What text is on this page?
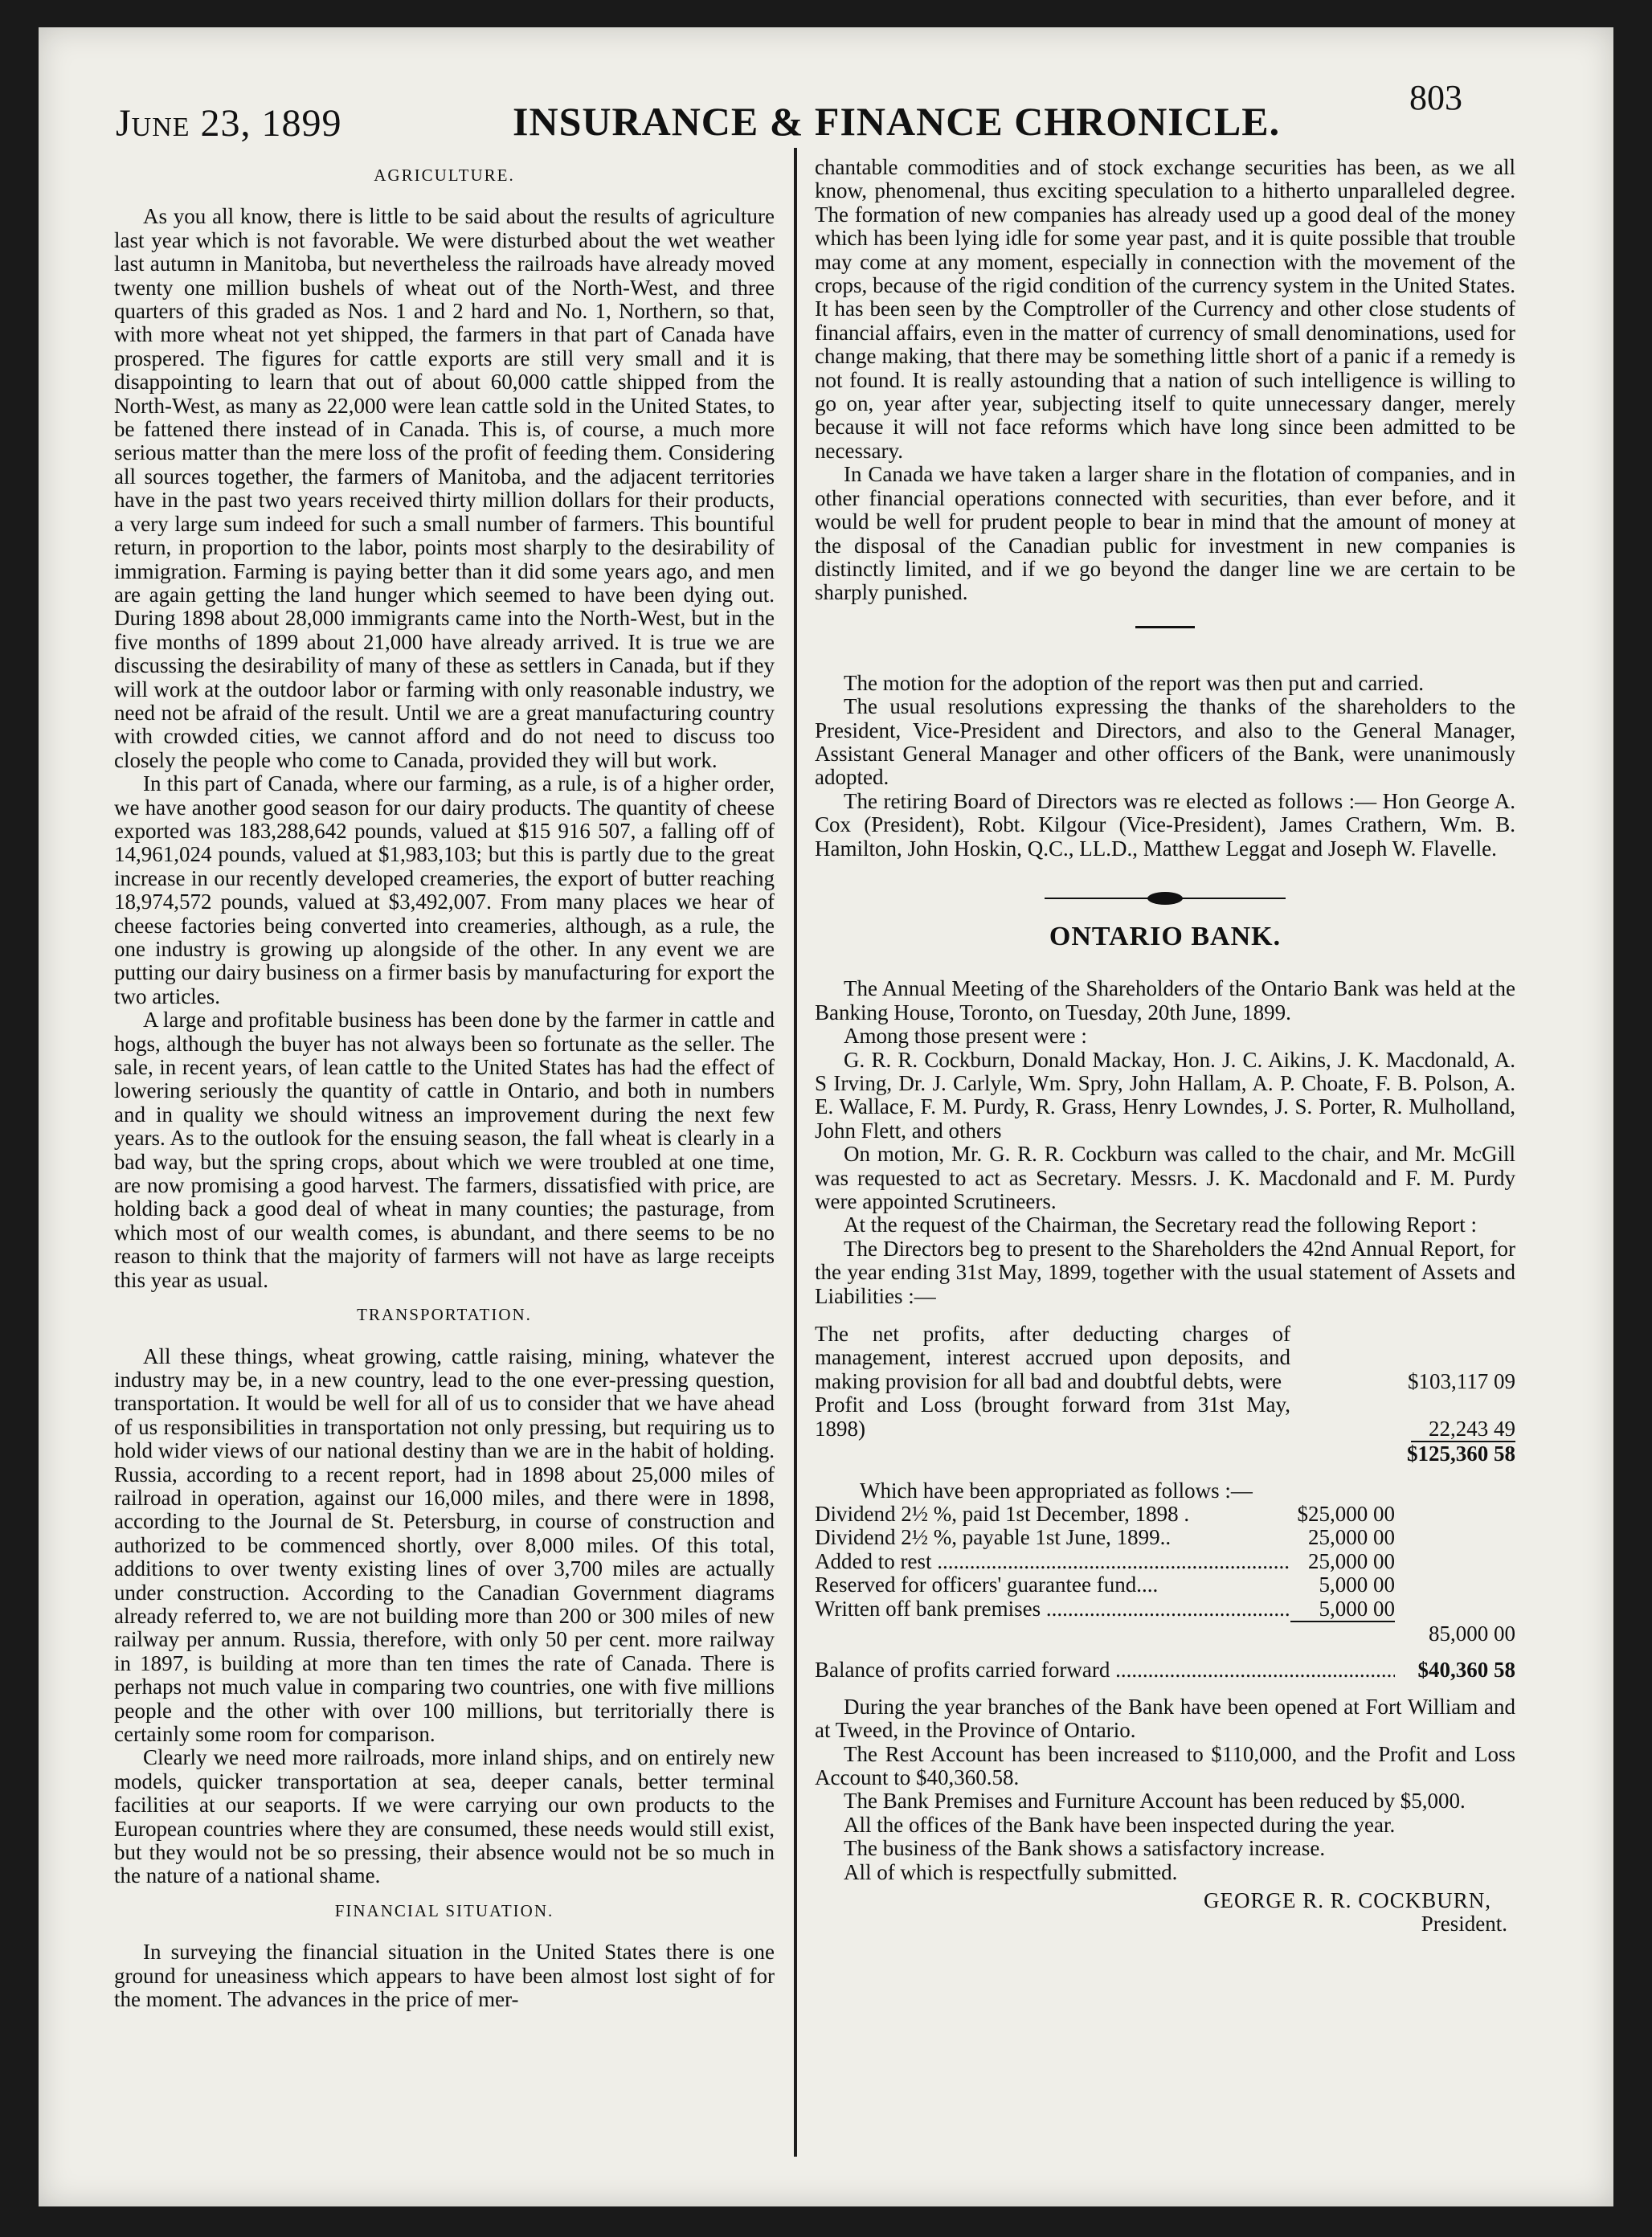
June 23, 1899	INSURANCE & FINANCE CHRONICLE.
803
AGRICULTURE.

As you all know, there is little to be said about the results of agriculture last year which is not favorable. We were disturbed about the wet weather last autumn in Manitoba, but nevertheless the railroads have already moved twenty one million bushels of wheat out of the North-West, and three quarters of this graded as Nos. 1 and 2 hard and No. 1, Northern, so that, with more wheat not yet shipped, the farmers in that part of Canada have prospered. The figures for cattle exports are still very small and it is disappointing to learn that out of about 60,000 cattle shipped from the North-West, as many as 22,000 were lean cattle sold in the United States, to be fattened there instead of in Canada. This is, of course, a much more serious matter than the mere loss of the profit of feeding them. Considering all sources together, the farmers of Manitoba, and the adjacent territories have in the past two years received thirty million dollars for their products, a very large sum indeed for such a small number of farmers. This bountiful return, in proportion to the labor, points most sharply to the desirability of immigration. Farming is paying better than it did some years ago, and men are again getting the land hunger which seemed to have been dying out. During 1898 about 28,000 immigrants came into the North-West, but in the five months of 1899 about 21,000 have already arrived. It is true we are discussing the desirability of many of these as settlers in Canada, but if they will work at the outdoor labor or farming with only reasonable industry, we need not be afraid of the result. Until we are a great manufacturing country with crowded cities, we cannot afford and do not need to discuss too closely the people who come to Canada, provided they will but work.

In this part of Canada, where our farming, as a rule, is of a higher order, we have another good season for our dairy products. The quantity of cheese exported was 183,288,642 pounds, valued at $15 916 507, a falling off of 14,961,024 pounds, valued at $1,983,103; but this is partly due to the great increase in our recently developed creameries, the export of butter reaching 18,974,572 pounds, valued at $3,492,007. From many places we hear of cheese factories being converted into creameries, although, as a rule, the one industry is growing up alongside of the other. In any event we are putting our dairy business on a firmer basis by manufacturing for export the two articles.

A large and profitable business has been done by the farmer in cattle and hogs, although the buyer has not always been so fortunate as the seller. The sale, in recent years, of lean cattle to the United States has had the effect of lowering seriously the quantity of cattle in Ontario, and both in numbers and in quality we should witness an improvement during the next few years. As to the outlook for the ensuing season, the fall wheat is clearly in a bad way, but the spring crops, about which we were troubled at one time, are now promising a good harvest. The farmers, dissatisfied with price, are holding back a good deal of wheat in many counties; the pasturage, from which most of our wealth comes, is abundant, and there seems to be no reason to think that the majority of farmers will not have as large receipts this year as usual.

TRANSPORTATION.

All these things, wheat growing, cattle raising, mining, whatever the industry may be, in a new country, lead to the one ever-pressing question, transportation. It would be well for all of us to consider that we have ahead of us responsibilities in transportation not only pressing, but requiring us to hold wider views of our national destiny than we are in the habit of holding. Russia, according to a recent report, had in 1898 about 25,000 miles of railroad in operation, against our 16,000 miles, and there were in 1898, according to the Journal de St. Petersburg, in course of construction and authorized to be commenced shortly, over 8,000 miles. Of this total, additions to over twenty existing lines of over 3,700 miles are actually under construction. According to the Canadian Government diagrams already referred to, we are not building more than 200 or 300 miles of new railway per annum. Russia, therefore, with only 50 per cent. more railway in 1897, is building at more than ten times the rate of Canada. There is perhaps not much value in comparing two countries, one with five millions people and the other with over 100 millions, but territorially there is certainly some room for comparison.

Clearly we need more railroads, more inland ships, and on entirely new models, quicker transportation at sea, deeper canals, better terminal facilities at our seaports. If we were carrying our own products to the European countries where they are consumed, these needs would still exist, but they would not be so pressing, their absence would not be so much in the nature of a national shame.

FINANCIAL SITUATION.

In surveying the financial situation in the United States there is one ground for uneasiness which appears to have been almost lost sight of for the moment. The advances in the price of mer-

chantable commodities and of stock exchange securities has been, as we all know, phenomenal, thus exciting speculation to a hitherto unparalleled degree. The formation of new companies has already used up a good deal of the money which has been lying idle for some year past, and it is quite possible that trouble may come at any moment, especially in connection with the movement of the crops, because of the rigid condition of the currency system in the United States. It has been seen by the Comptroller of the Currency and other close students of financial affairs, even in the matter of currency of small denominations, used for change making, that there may be something little short of a panic if a remedy is not found. It is really astounding that a nation of such intelligence is willing to go on, year after year, subjecting itself to quite unnecessary danger, merely because it will not face reforms which have long since been admitted to be necessary.

In Canada we have taken a larger share in the flotation of companies, and in other financial operations connected with securities, than ever before, and it would be well for prudent people to bear in mind that the amount of money at the disposal of the Canadian public for investment in new companies is distinctly limited, and if we go beyond the danger line we are certain to be sharply punished.

The motion for the adoption of the report was then put and carried.

The usual resolutions expressing the thanks of the shareholders to the President, Vice-President and Directors, and also to the General Manager, Assistant General Manager and other officers of the Bank, were unanimously adopted.

The retiring Board of Directors was re elected as follows :— Hon George A. Cox (President), Robt. Kilgour (Vice-President), James Crathern, Wm. B. Hamilton, John Hoskin, Q.C., LL.D., Matthew Leggat and Joseph W. Flavelle.

ONTARIO BANK.

The Annual Meeting of the Shareholders of the Ontario Bank was held at the Banking House, Toronto, on Tuesday, 20th June, 1899.

Among those present were :

G. R. R. Cockburn, Donald Mackay, Hon. J. C. Aikins, J. K. Macdonald, A. S Irving, Dr. J. Carlyle, Wm. Spry, John Hallam, A. P. Choate, F. B. Polson, A. E. Wallace, F. M. Purdy, R. Grass, Henry Lowndes, J. S. Porter, R. Mulholland, John Flett, and others

On motion, Mr. G. R. R. Cockburn was called to the chair, and Mr. McGill was requested to act as Secretary. Messrs. J. K. Macdonald and F. M. Purdy were appointed Scrutineers.

At the request of the Chairman, the Secretary read the following Report :

The Directors beg to present to the Shareholders the 42nd Annual Report, for the year ending 31st May, 1899, together with the usual statement of Assets and Liabilities :—

The net profits, after deducting charges of management, interest accrued upon deposits, and making provision for all bad and doubtful debts, were	$103,117 09
Profit and Loss (brought forward from 31st May, 1898)	22,243 49
$125,360 58
Which have been appropriated as follows :—
Dividend 2½ %, paid 1st December, 1898 .	$25,000 00
Dividend 2½ %, payable 1st June, 1899..	25,000 00
Added to rest .....	25,000 00
Reserved for officers' guarantee fund....	5,000 00
Written off bank premises .....	5,000 00
85,000 00
Balance of profits carried forward .....	$40,360 58

During the year branches of the Bank have been opened at Fort William and at Tweed, in the Province of Ontario.

The Rest Account has been increased to $110,000, and the Profit and Loss Account to $40,360.58.

The Bank Premises and Furniture Account has been reduced by $5,000.

All the offices of the Bank have been inspected during the year.

The business of the Bank shows a satisfactory increase.

All of which is respectfully submitted.

GEORGE R. R. COCKBURN,
President.
